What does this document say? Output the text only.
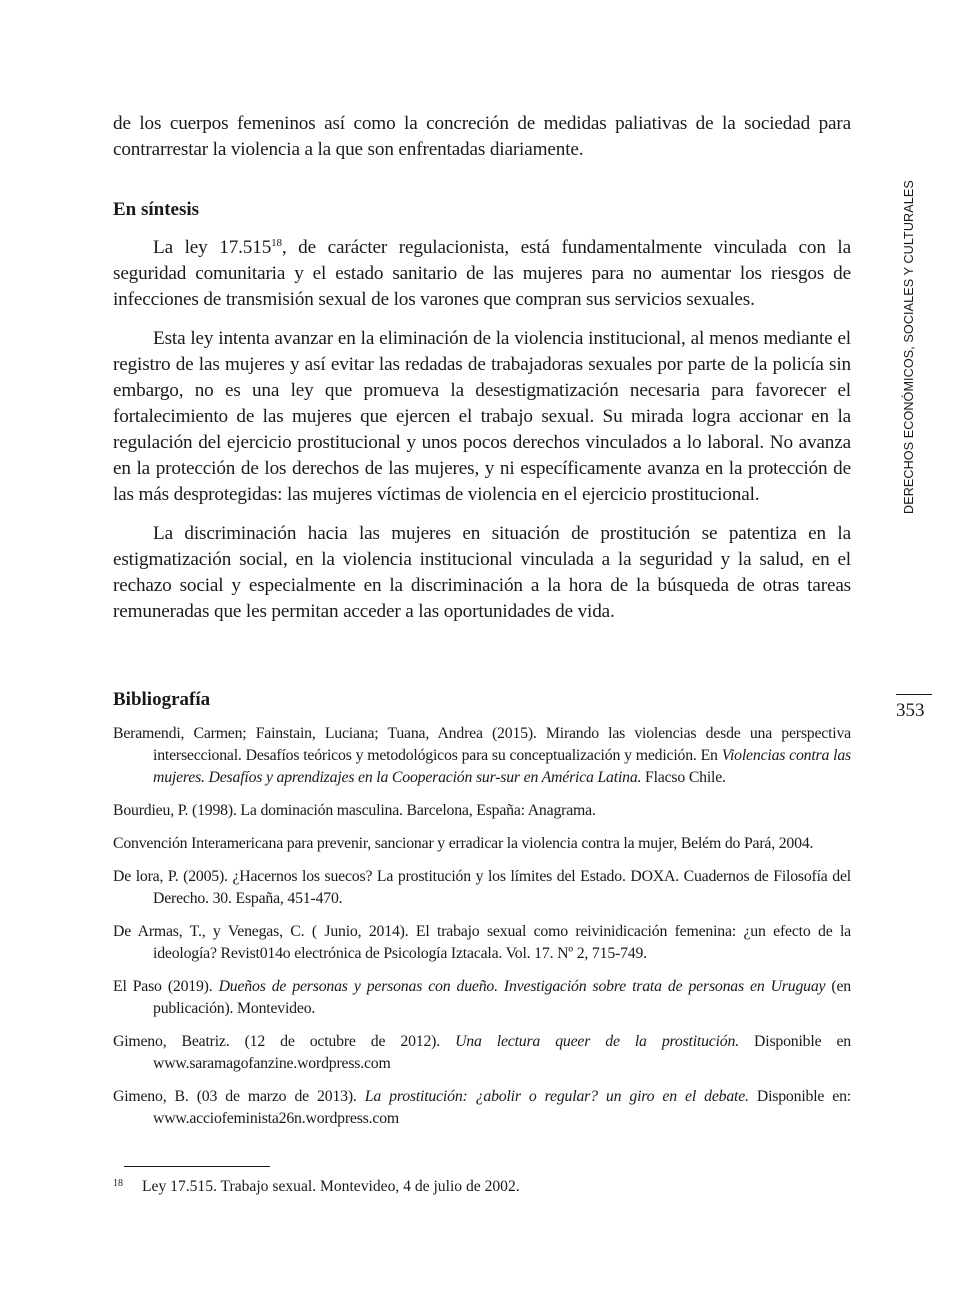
de los cuerpos femeninos así como la concreción de medidas paliativas de la sociedad para contrarrestar la violencia a la que son enfrentadas diariamente.

En síntesis

La ley 17.515$^{18}$, de carácter regulacionista, está fundamentalmente vinculada con la seguridad comunitaria y el estado sanitario de las mujeres para no aumentar los riesgos de infecciones de transmisión sexual de los varones que compran sus servicios sexuales.

Esta ley intenta avanzar en la eliminación de la violencia institucional, al menos mediante el registro de las mujeres y así evitar las redadas de trabajadoras sexuales por parte de la policía sin embargo, no es una ley que promueva la desestigmatización necesaria para favorecer el fortalecimiento de las mujeres que ejercen el trabajo sexual. Su mirada logra accionar en la regulación del ejercicio prostitucional y unos pocos derechos vinculados a lo laboral. No avanza en la protección de los derechos de las mujeres, y ni específicamente avanza en la protección de las más desprotegidas: las mujeres víctimas de violencia en el ejercicio prostitucional.

La discriminación hacia las mujeres en situación de prostitución se patentiza en la estigmatización social, en la violencia institucional vinculada a la seguridad y la salud, en el rechazo social y especialmente en la discriminación a la hora de la búsqueda de otras tareas remuneradas que les permitan acceder a las oportunidades de vida.

Bibliografía

Beramendi, Carmen; Fainstain, Luciana; Tuana, Andrea (2015). Mirando las violencias desde una perspectiva interseccional. Desafíos teóricos y metodológicos para su conceptualización y medición. En Violencias contra las mujeres. Desafíos y aprendizajes en la Cooperación sur-sur en América Latina. Flacso Chile.

Bourdieu, P. (1998). La dominación masculina. Barcelona, España: Anagrama.

Convención Interamericana para prevenir, sancionar y erradicar la violencia contra la mujer, Belém do Pará, 2004.

De lora, P. (2005). ¿Hacernos los suecos? La prostitución y los límites del Estado. DOXA. Cuadernos de Filosofía del Derecho. 30. España, 451-470.

De Armas, T., y Venegas, C. ( Junio, 2014). El trabajo sexual como reivinidicación femenina: ¿un efecto de la ideología? Revist014o electrónica de Psicología Iztacala. Vol. 17. Nº 2, 715-749.

El Paso (2019). Dueños de personas y personas con dueño. Investigación sobre trata de personas en Uruguay (en publicación). Montevideo.

Gimeno, Beatriz. (12 de octubre de 2012). Una lectura queer de la prostitución. Disponible en www.saramagofanzine.wordpress.com

Gimeno, B. (03 de marzo de 2013). La prostitución: ¿abolir o regular? un giro en el debate. Disponible en: www.acciofeminista26n.wordpress.com

DERECHOS ECONÓMICOS, SOCIALES Y CULTURALES
353
18 Ley 17.515. Trabajo sexual. Montevideo, 4 de julio de 2002.
